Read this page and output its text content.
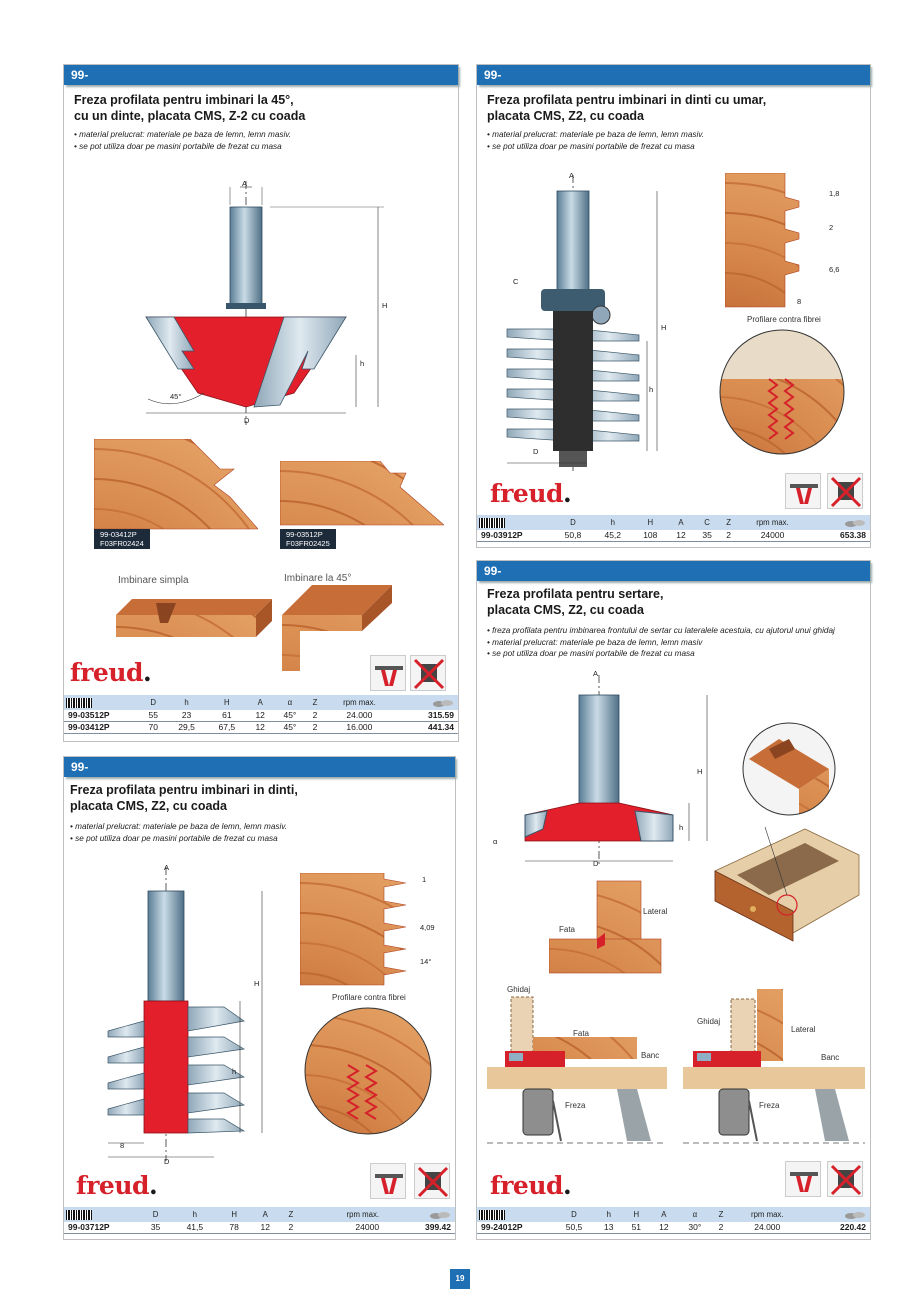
99-
Freza profilata pentru imbinari la 45°,
cu un dinte, placata CMS, Z-2 cu coada
• material prelucrat: materiale pe baza de lemn, lemn masiv.
• se pot utiliza doar pe masini portabile de frezat cu masa
A
H
h
D
45°
99-03412P
F03FR02424
99-03512P
F03FR02425
Imbinare simpla	Imbinare la 45°
freud.
	D	h	H	A	α	Z	rpm max.	
99-03512P	55	23	61	12	45°	2	24.000	315.59
99-03412P	70	29,5	67,5	12	45°	2	16.000	441.34
99-
Freza profilata pentru imbinari in dinti cu umar,
placata CMS, Z2, cu coada
• material prelucrat: materiale pe baza de lemn, lemn masiv.
• se pot utiliza doar pe masini portabile de frezat cu masa
A
C
H
h
D
1,8
2
6,6
8
Profilare contra fibrei
freud.
	D	h	H	A	C	Z	rpm max.	
99-03912P	50,8	45,2	108	12	35	2	24000	653.38
99-
Freza profilata pentru imbinari in dinti,
placata CMS, Z2, cu coada
• material prelucrat: materiale pe baza de lemn, lemn masiv.
• se pot utiliza doar pe masini portabile de frezat cu masa
A
H
h
8
D
1
4,09
14°
Profilare contra fibrei
freud.
	D	h	H	A	Z	rpm max.	
99-03712P	35	41,5	78	12	2	24000	399.42
99-
Freza profilata pentru sertare,
placata CMS, Z2, cu coada
• freza profilata pentru imbinarea frontului de sertar cu lateralele acestuia, cu ajutorul unui ghidaj
• material prelucrat: materiale pe baza de lemn, lemn masiv
• se pot utiliza doar pe masini portabile de frezat cu masa
A
H
h
α
D
Lateral
Fata
Ghidaj
Fata
Banc
Freza
Ghidaj
Lateral
Banc
Freza
freud.
	D	h	H	A	α	Z	rpm max.	
99-24012P	50,5	13	51	12	30°	2	24.000	220.42
19
